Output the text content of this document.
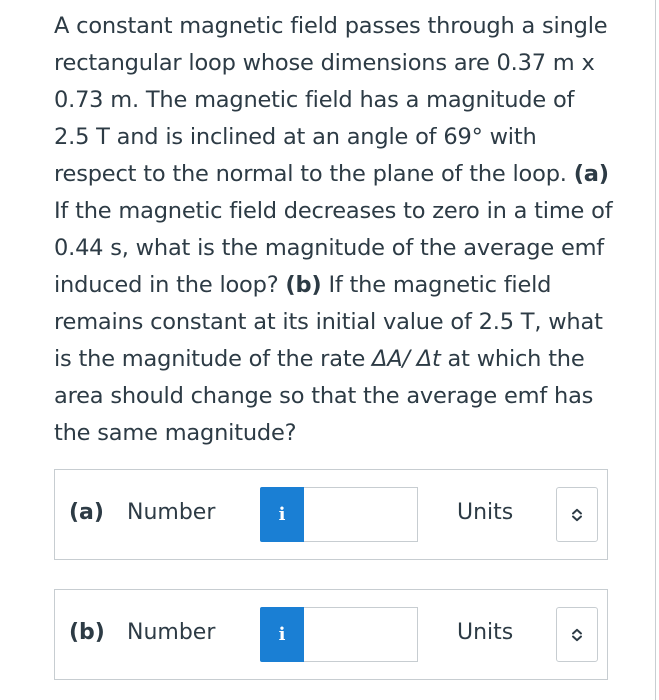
A constant magnetic field passes through a single rectangular loop whose dimensions are 0.37 m x 0.73 m. The magnetic field has a magnitude of 2.5 T and is inclined at an angle of 69° with respect to the normal to the plane of the loop. (a) If the magnetic field decreases to zero in a time of 0.44 s, what is the magnitude of the average emf induced in the loop? (b) If the magnetic field remains constant at its initial value of 2.5 T, what is the magnitude of the rate ΔA/ Δt at which the area should change so that the average emf has the same magnitude?
(a) Number	i	Units
(b) Number	i	Units
